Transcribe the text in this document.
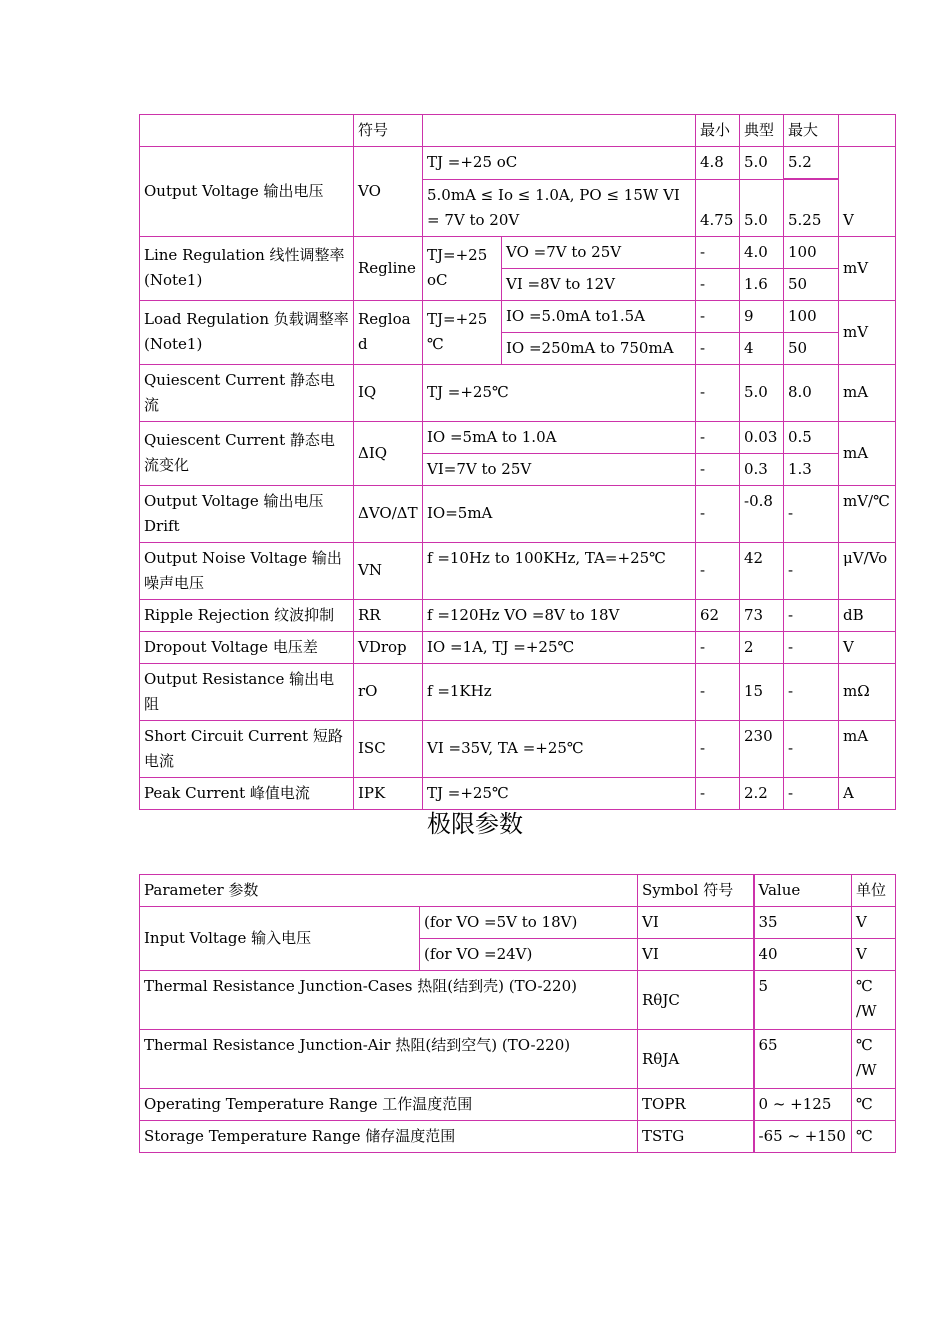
	符号			最小	典型	最大	
Output Voltage 输出电压	VO	TJ =+25 oC		4.8	5.0	5.2	V
		5.0mA ≤ Io ≤ 1.0A, PO ≤ 15W VI = 7V to 20V		4.75	5.0	5.25	
Line Regulation 线性调整率 (Note1)	Regline	TJ=+25 oC	VO =7V to 25V	-	4.0	100	mV
			VI =8V to 12V	-	1.6	50	
Load Regulation 负载调整率 (Note1)	Regload	TJ=+25℃	IO =5.0mA to1.5A	-	9	100	mV
			IO =250mA to 750mA	-	4	50	
Quiescent Current 静态电流	IQ	TJ =+25℃		-	5.0	8.0	mA
Quiescent Current 静态电流变化	ΔIQ	IO =5mA to 1.0A		-	0.03	0.5	mA
		VI=7V to 25V		-	0.3	1.3	
Output Voltage 输出电压 Drift	ΔVO/ΔT	IO=5mA		-	-0.8	-	mV/℃
Output Noise Voltage 输出噪声电压	VN	f =10Hz to 100KHz, TA=+25℃		-	42	-	μV/Vo
Ripple Rejection 纹波抑制	RR	f =120Hz VO =8V to 18V		62	73	-	dB
Dropout Voltage 电压差	VDrop	IO =1A, TJ =+25℃		-	2	-	V
Output Resistance 输出电阻	rO	f =1KHz		-	15	-	mΩ
Short Circuit Current 短路电流	ISC	VI =35V, TA =+25℃		-	230	-	mA
Peak Current 峰值电流	IPK	TJ =+25℃		-	2.2	-	A
极限参数
Parameter 参数		Symbol 符号	Value	单位
Input Voltage 输入电压	(for VO =5V to 18V)	VI	35	V
	(for VO =24V)	VI	40	V
Thermal Resistance Junction-Cases 热阻(结到壳) (TO-220)		RθJC	5	℃ /W
Thermal Resistance Junction-Air 热阻(结到空气) (TO-220)		RθJA	65	℃ /W
Operating Temperature Range 工作温度范围		TOPR	0 ~ +125	℃
Storage Temperature Range 储存温度范围		TSTG	-65 ~ +150	℃
